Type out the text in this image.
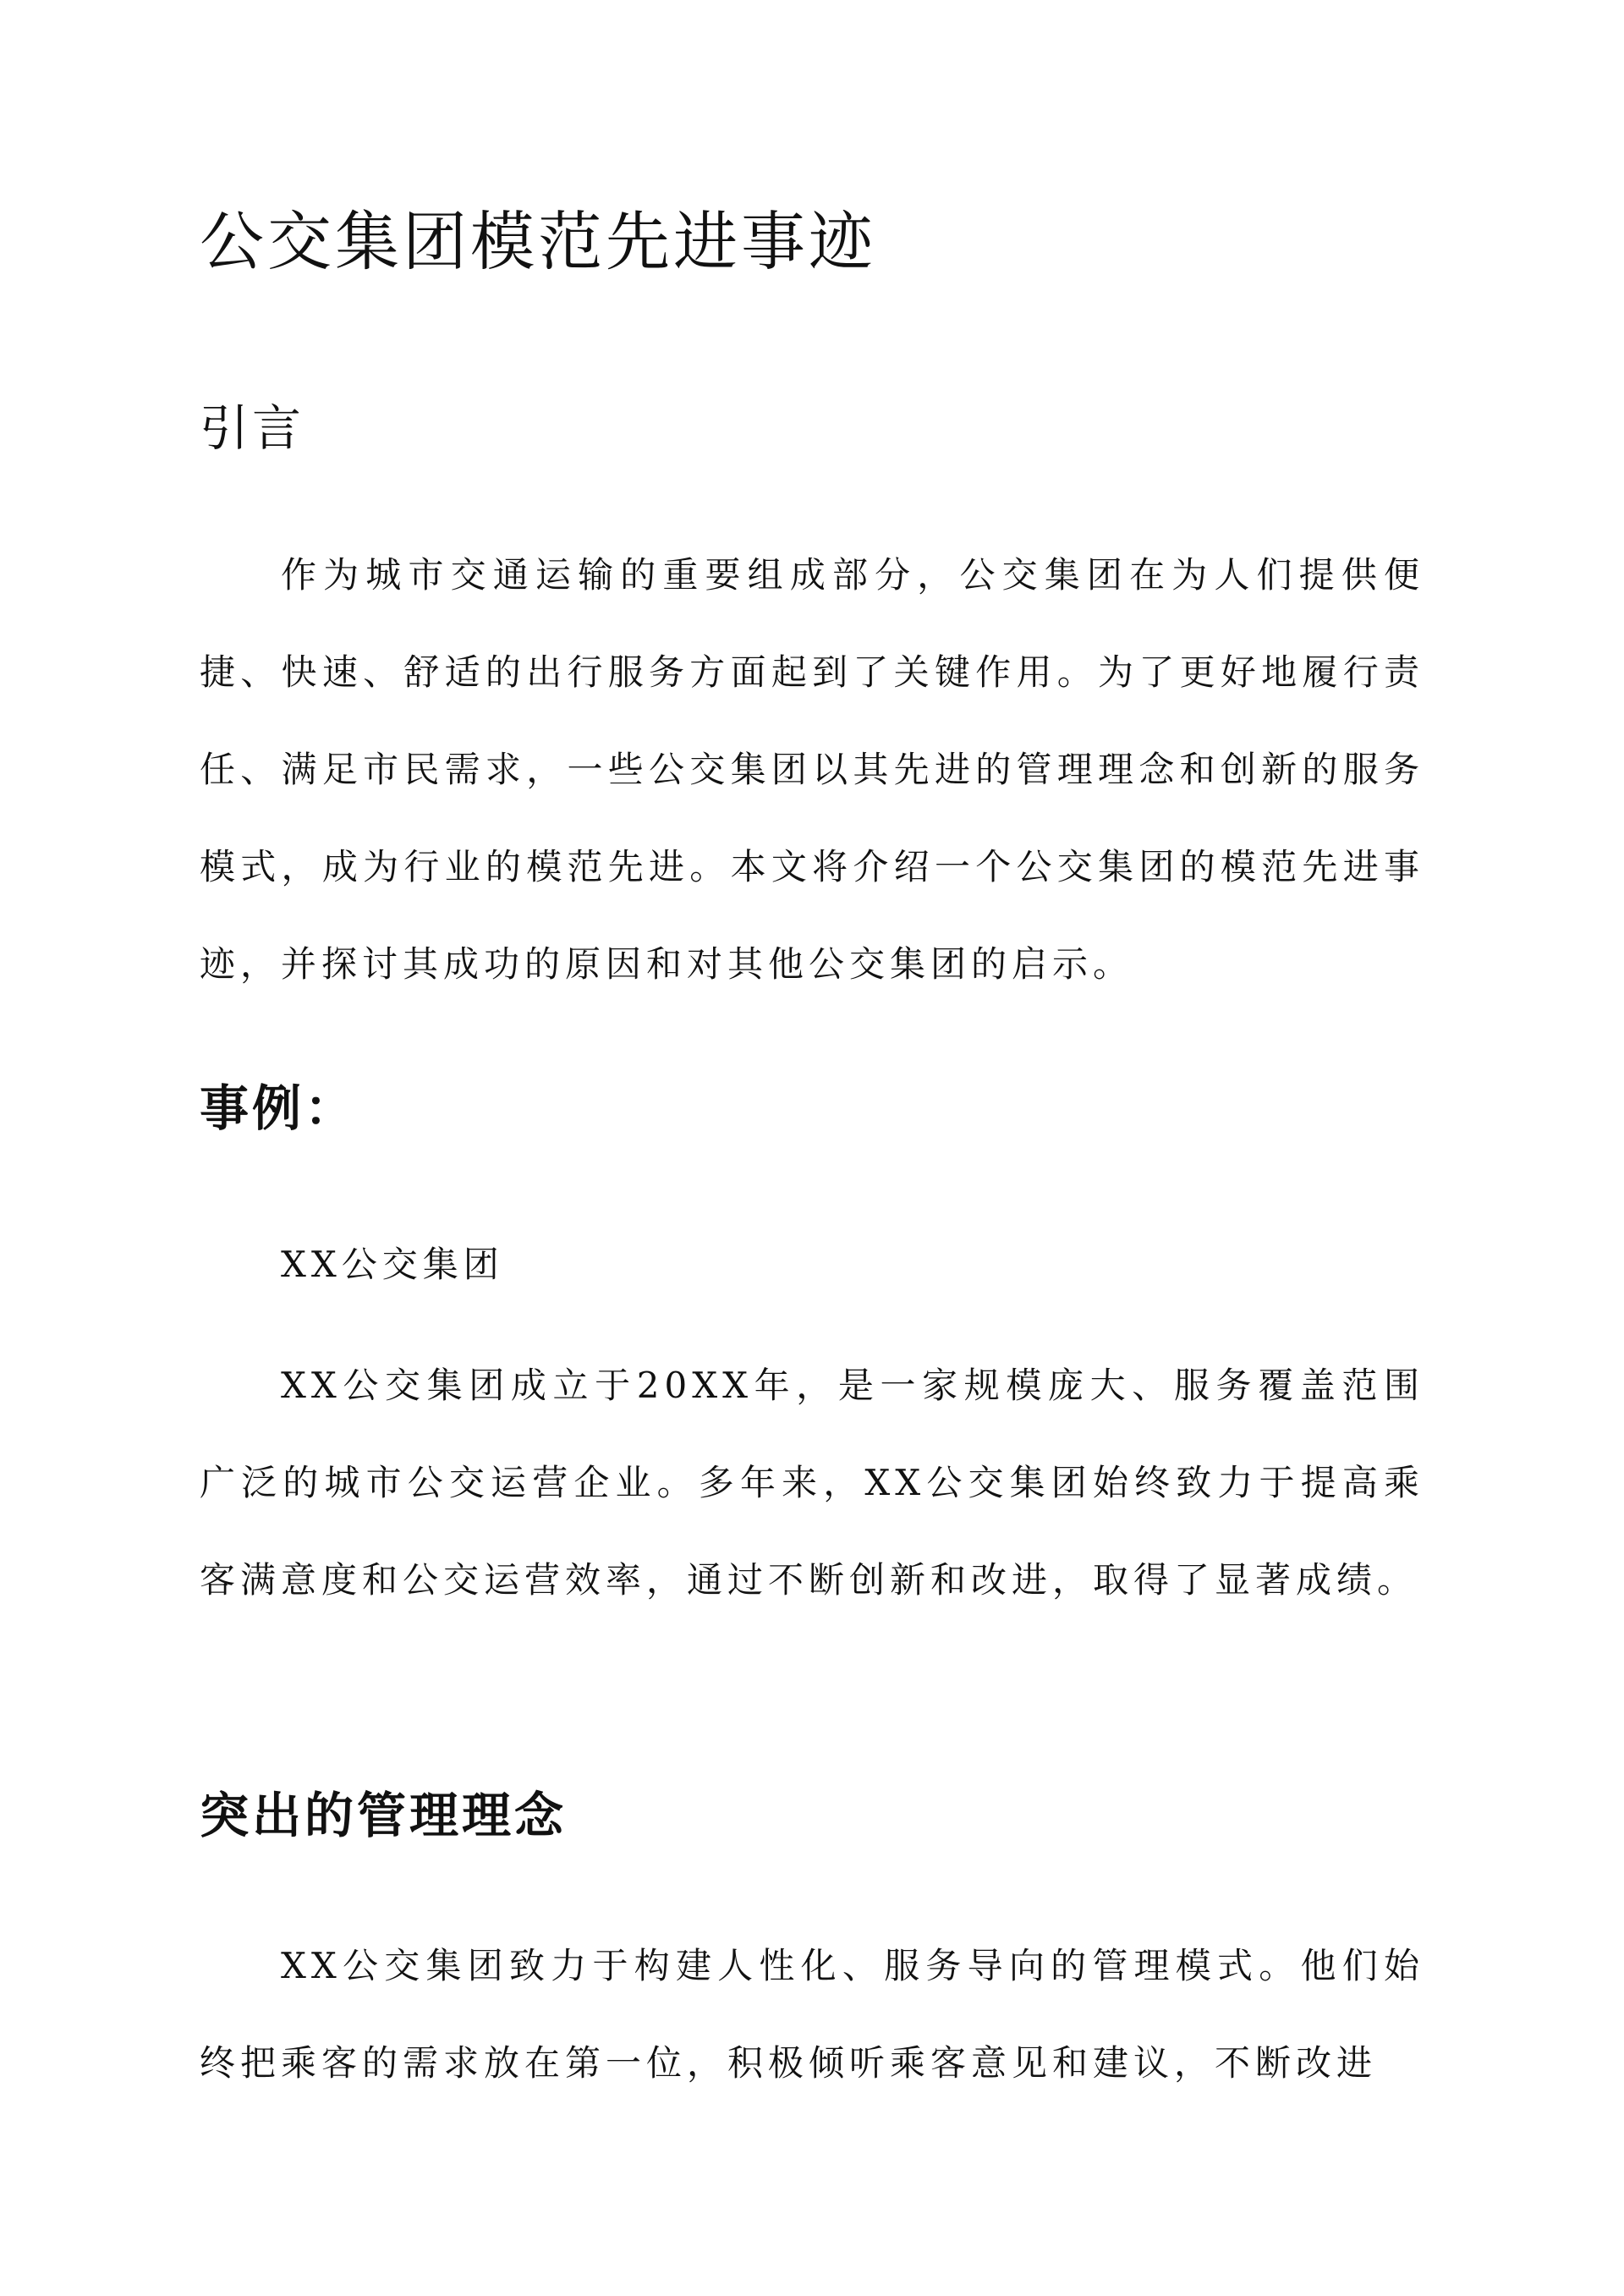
公交集团模范先进事迹
引言

作为城市交通运输的重要组成部分，公交集团在为人们提供便捷、快速、舒适的出行服务方面起到了关键作用。为了更好地履行责任、满足市民需求，一些公交集团以其先进的管理理念和创新的服务模式，成为行业的模范先进。本文将介绍一个公交集团的模范先进事迹，并探讨其成功的原因和对其他公交集团的启示。

事例：

XX公交集团

XX公交集团成立于20XX年，是一家规模庞大、服务覆盖范围广泛的城市公交运营企业。多年来，XX公交集团始终致力于提高乘客满意度和公交运营效率，通过不断创新和改进，取得了显著成绩。

突出的管理理念

XX公交集团致力于构建人性化、服务导向的管理模式。他们始终把乘客的需求放在第一位，积极倾听乘客意见和建议，不断改进
